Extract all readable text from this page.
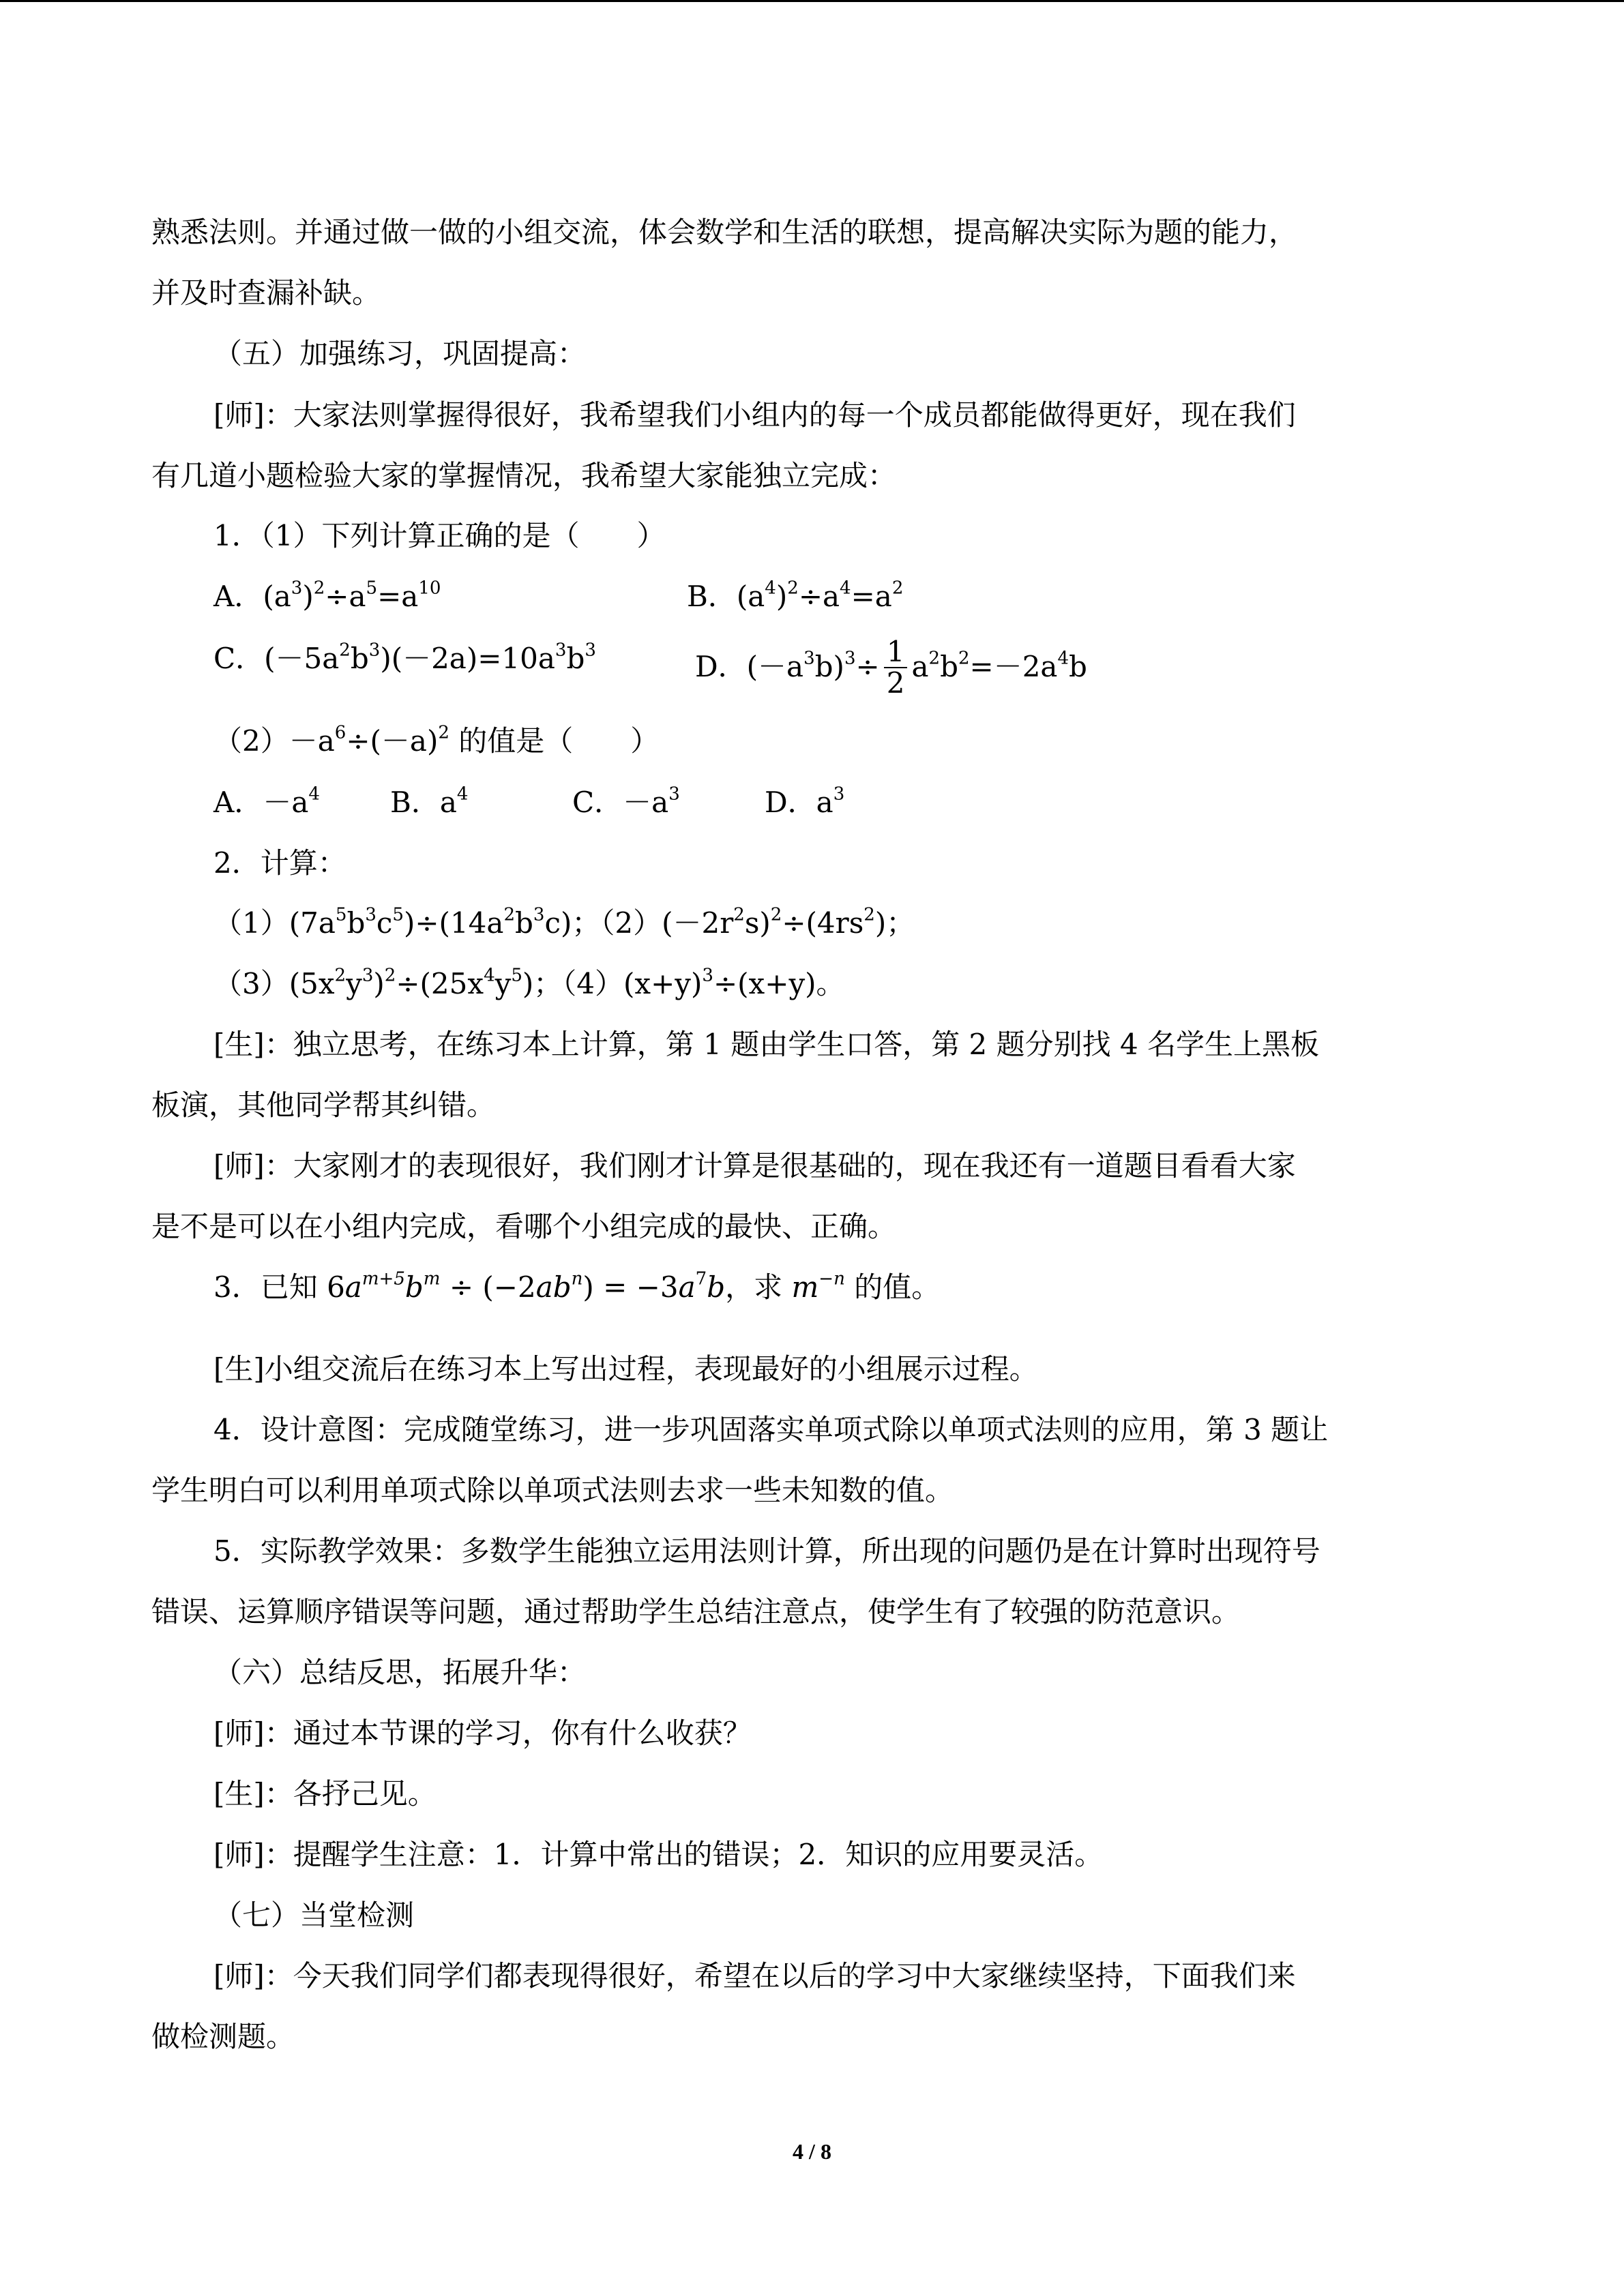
熟悉法则。并通过做一做的小组交流，体会数学和生活的联想，提高解决实际为题的能力，
并及时查漏补缺。
（五）加强练习，巩固提高：
[师]：大家法则掌握得很好，我希望我们小组内的每一个成员都能做得更好，现在我们
有几道小题检验大家的掌握情况，我希望大家能独立完成：
1．（1）下列计算正确的是（　　）
A．$(a^3)^2\div a^5=a^{10}$	B．$(a^4)^2\div a^4=a^2$
C．$(-5a^2b^3)(-2a)=10a^3b^3$	D．$(-a^3b)^3\div \frac{1}{2} a^2b^2=-2a^4b$
$(2)-a^6\div(-a)^2$ 的值是（　　）
A．$-a^4$ B．$a^4$	C．$-a^3$	D．$a^3$
2．计算：
$(1)(7a^5b^3c^5)\div(14a^2b^3c)$；$(2)(-2r^2s)^2\div(4rs^2)$；
$(3)(5x^2y^3)^2\div(25x^4y^5)$；$(4)(x+y)^3\div(x+y)$。
[生]：独立思考，在练习本上计算，第 1 题由学生口答，第 2 题分别找 4 名学生上黑板
板演，其他同学帮其纠错。
[师]：大家刚才的表现很好，我们刚才计算是很基础的，现在我还有一道题目看看大家
是不是可以在小组内完成，看哪个小组完成的最快、正确。
3．已知 $6a^{m+5}b^m \div (-2ab^n) = -3a^7b$，求 $m^{-n}$ 的值。
[生]小组交流后在练习本上写出过程，表现最好的小组展示过程。
4．设计意图：完成随堂练习，进一步巩固落实单项式除以单项式法则的应用，第 3 题让
学生明白可以利用单项式除以单项式法则去求一些未知数的值。
5．实际教学效果：多数学生能独立运用法则计算，所出现的问题仍是在计算时出现符号
错误、运算顺序错误等问题，通过帮助学生总结注意点，使学生有了较强的防范意识。
（六）总结反思，拓展升华：
[师]：通过本节课的学习，你有什么收获？
[生]：各抒己见。
[师]：提醒学生注意：1．计算中常出的错误；2．知识的应用要灵活。
（七）当堂检测
[师]：今天我们同学们都表现得很好，希望在以后的学习中大家继续坚持，下面我们来
做检测题。
4 / 8
